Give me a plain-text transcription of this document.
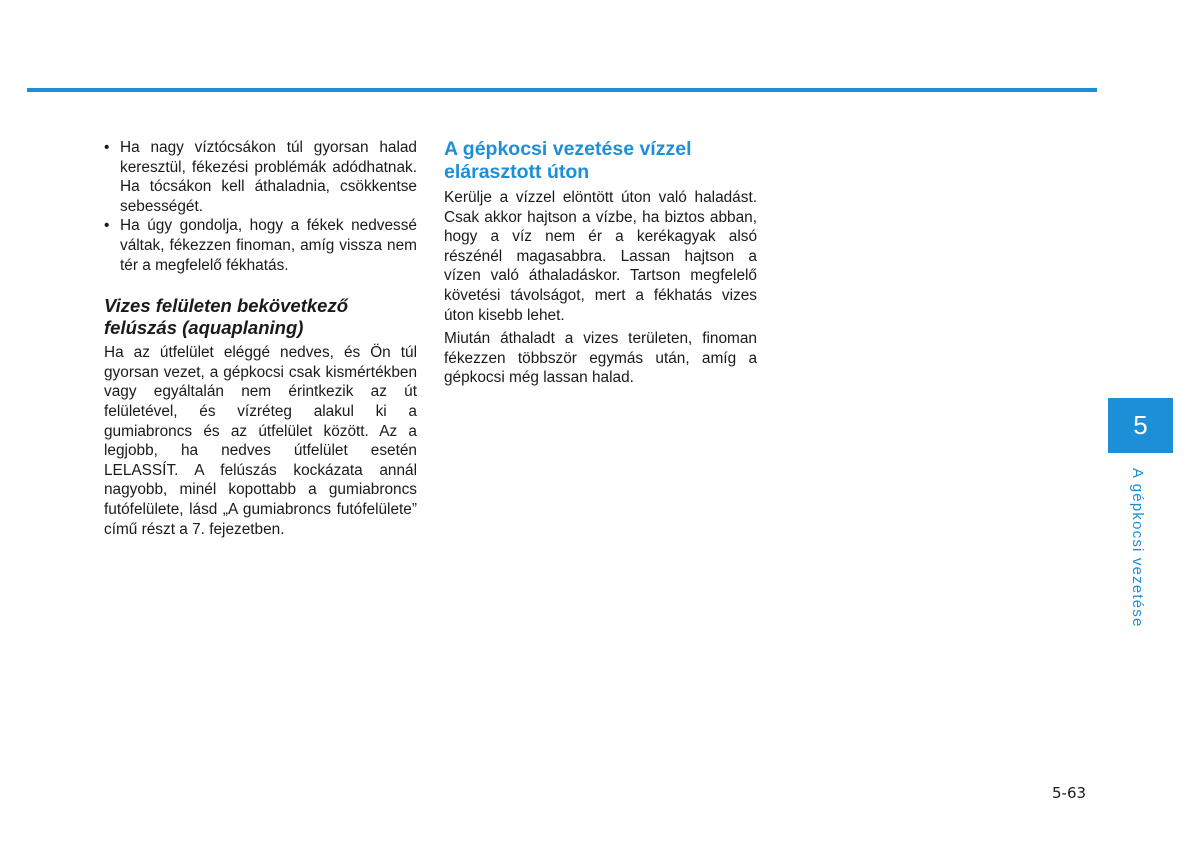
• Ha nagy víztócsákon túl gyorsan halad keresztül, fékezési problémák adódhatnak. Ha tócsákon kell áthaladnia, csökkentse sebességét.
• Ha úgy gondolja, hogy a fékek nedvessé váltak, fékezzen finoman, amíg vissza nem tér a megfelelő fékhatás.
Vizes felületen bekövetkező felúszás (aquaplaning)

Ha az útfelület eléggé nedves, és Ön túl gyorsan vezet, a gépkocsi csak kismértékben vagy egyáltalán nem érintkezik az út felületével, és vízréteg alakul ki a gumiabroncs és az útfelület között. Az a legjobb, ha nedves útfelület esetén LELASSÍT. A felúszás kockázata annál nagyobb, minél kopottabb a gumiabroncs futófelülete, lásd „A gumiabroncs futófelülete” című részt a 7. fejezetben.

A gépkocsi vezetése vízzel elárasztott úton

Kerülje a vízzel elöntött úton való haladást. Csak akkor hajtson a vízbe, ha biztos abban, hogy a víz nem ér a kerékagyak alsó részénél magasabbra. Lassan hajtson a vízen való áthaladáskor. Tartson megfelelő követési távolságot, mert a fékhatás vizes úton kisebb lehet.

Miután áthaladt a vizes területen, finoman fékezzen többször egymás után, amíg a gépkocsi még lassan halad.

5
A gépkocsi vezetése
5-63
